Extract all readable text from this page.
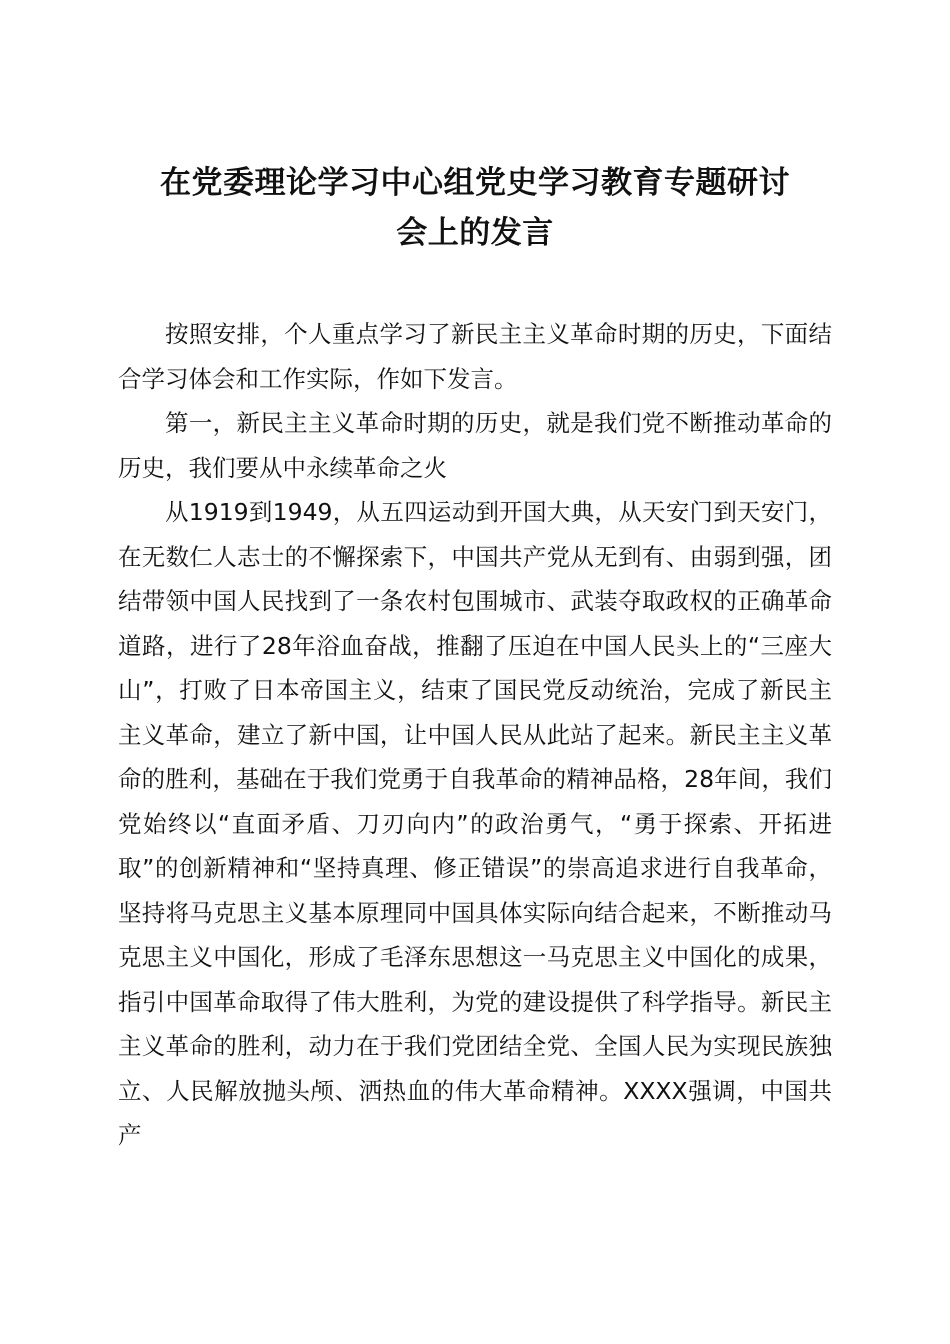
在党委理论学习中心组党史学习教育专题研讨
会上的发言

按照安排，个人重点学习了新民主主义革命时期的历史，下面结合学习体会和工作实际，作如下发言。

第一，新民主主义革命时期的历史，就是我们党不断推动革命的历史，我们要从中永续革命之火

从1919到1949，从五四运动到开国大典，从天安门到天安门，在无数仁人志士的不懈探索下，中国共产党从无到有、由弱到强，团结带领中国人民找到了一条农村包围城市、武装夺取政权的正确革命道路，进行了28年浴血奋战，推翻了压迫在中国人民头上的“三座大山”，打败了日本帝国主义，结束了国民党反动统治，完成了新民主主义革命，建立了新中国，让中国人民从此站了起来。新民主主义革命的胜利，基础在于我们党勇于自我革命的精神品格，28年间，我们党始终以“直面矛盾、刀刃向内”的政治勇气，“勇于探索、开拓进取”的创新精神和“坚持真理、修正错误”的崇高追求进行自我革命，坚持将马克思主义基本原理同中国具体实际向结合起来，不断推动马克思主义中国化，形成了毛泽东思想这一马克思主义中国化的成果，指引中国革命取得了伟大胜利，为党的建设提供了科学指导。新民主主义革命的胜利，动力在于我们党团结全党、全国人民为实现民族独立、人民解放抛头颅、洒热血的伟大革命精神。XXXX强调，中国共产
